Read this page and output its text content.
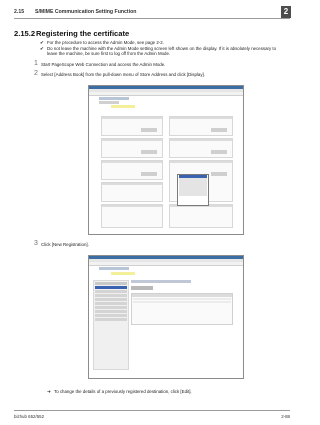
2.15 S/MIME Communication Setting Function	2
2.15.2Registering the certificate
✔ For the procedure to access the Admin Mode, see page 2-2.
✔ Do not leave the machine with the Admin Mode setting screen left shown on the display. If it is absolutely necessary to leave the machine, be sure first to log off from the Admin Mode.
1 Start PageScope Web Connection and access the Admin Mode.
2 Select [Address Book] from the pull-down menu of Store Address and click [Display].
3 Click [New Registration].
➜ To change the details of a previously registered destination, click [Edit].
bizhub 652/552	2-88
